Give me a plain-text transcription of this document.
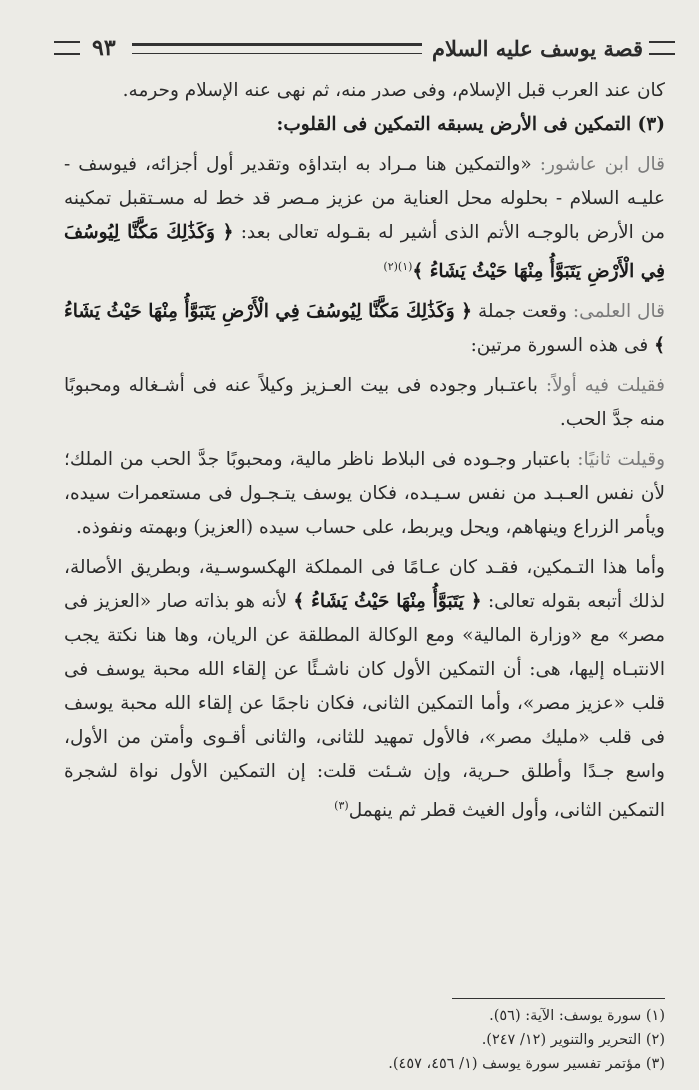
قصة يوسف عليه السلام
٩٣

كان عند العرب قبل الإسلام، وفى صدر منه، ثم نهى عنه الإسلام وحرمه.

(٣) التمكين فى الأرض يسبقه التمكين فى القلوب:

قال ابن عاشور: «والتمكين هنا مـراد به ابتداؤه وتقدير أول أجزائه، فيوسف - عليـه السلام - بحلوله محل العناية من عزيز مـصر قد خط له مسـتقبل تمكينه من الأرض بالوجـه الأتم الذى أشير له بقـوله تعالى بعد: ﴿ وَكَذَٰلِكَ مَكَّنَّا لِيُوسُفَ فِي الْأَرْضِ يَتَبَوَّأُ مِنْهَا حَيْثُ يَشَاءُ ﴾$^{(١)(٢)}$

قال العلمى: وقعت جملة ﴿ وَكَذَٰلِكَ مَكَّنَّا لِيُوسُفَ فِي الْأَرْضِ يَتَبَوَّأُ مِنْهَا حَيْثُ يَشَاءُ ﴾ فى هذه السورة مرتين:

فقيلت فيه أولاً: باعتـبار وجوده فى بيت العـزيز وكيلاً عنه فى أشـغاله ومحبوبًا منه جدَّ الحب.

وقيلت ثانيًا: باعتبار وجـوده فى البلاط ناظر مالية، ومحبوبًا جدَّ الحب من الملك؛ لأن نفس العـبـد من نفس سـيـده، فكان يوسف يتـجـول فى مستعمرات سيده، ويأمر الزراع وينهاهم، ويحل ويربط، على حساب سيده (العزيز) وبهمته ونفوذه.

وأما هذا التـمكين، فقـد كان عـامًا فى المملكة الهكسوسـية، وبطريق الأصالة، لذلك أتبعه بقوله تعالى: ﴿ يَتَبَوَّأُ مِنْهَا حَيْثُ يَشَاءُ ﴾ لأنه هو بذاته صار «العزيز فى مصر» مع «وزارة المالية» ومع الوكالة المطلقة عن الريان، وها هنا نكتة يجب الانتبـاه إليها، هى: أن التمكين الأول كان ناشـئًا عن إلقاء الله محبة يوسف فى قلب «عزيز مصر»، وأما التمكين الثانى، فكان ناجمًا عن إلقاء الله محبة يوسف فى قلب «مليك مصر»، فالأول تمهيد للثانى، والثانى أقـوى وأمتن من الأول، واسع جـدًا وأطلق حـرية، وإن شـئت قلت: إن التمكين الأول نواة لشجرة التمكين الثانى، وأول الغيث قطر ثم ينهمل$^{(٣)}$

(١) سورة يوسف: الآية: (٥٦).
(٢) التحرير والتنوير (١٢/ ٢٤٧).
(٣) مؤتمر تفسير سورة يوسف (١/ ٤٥٦، ٤٥٧).
